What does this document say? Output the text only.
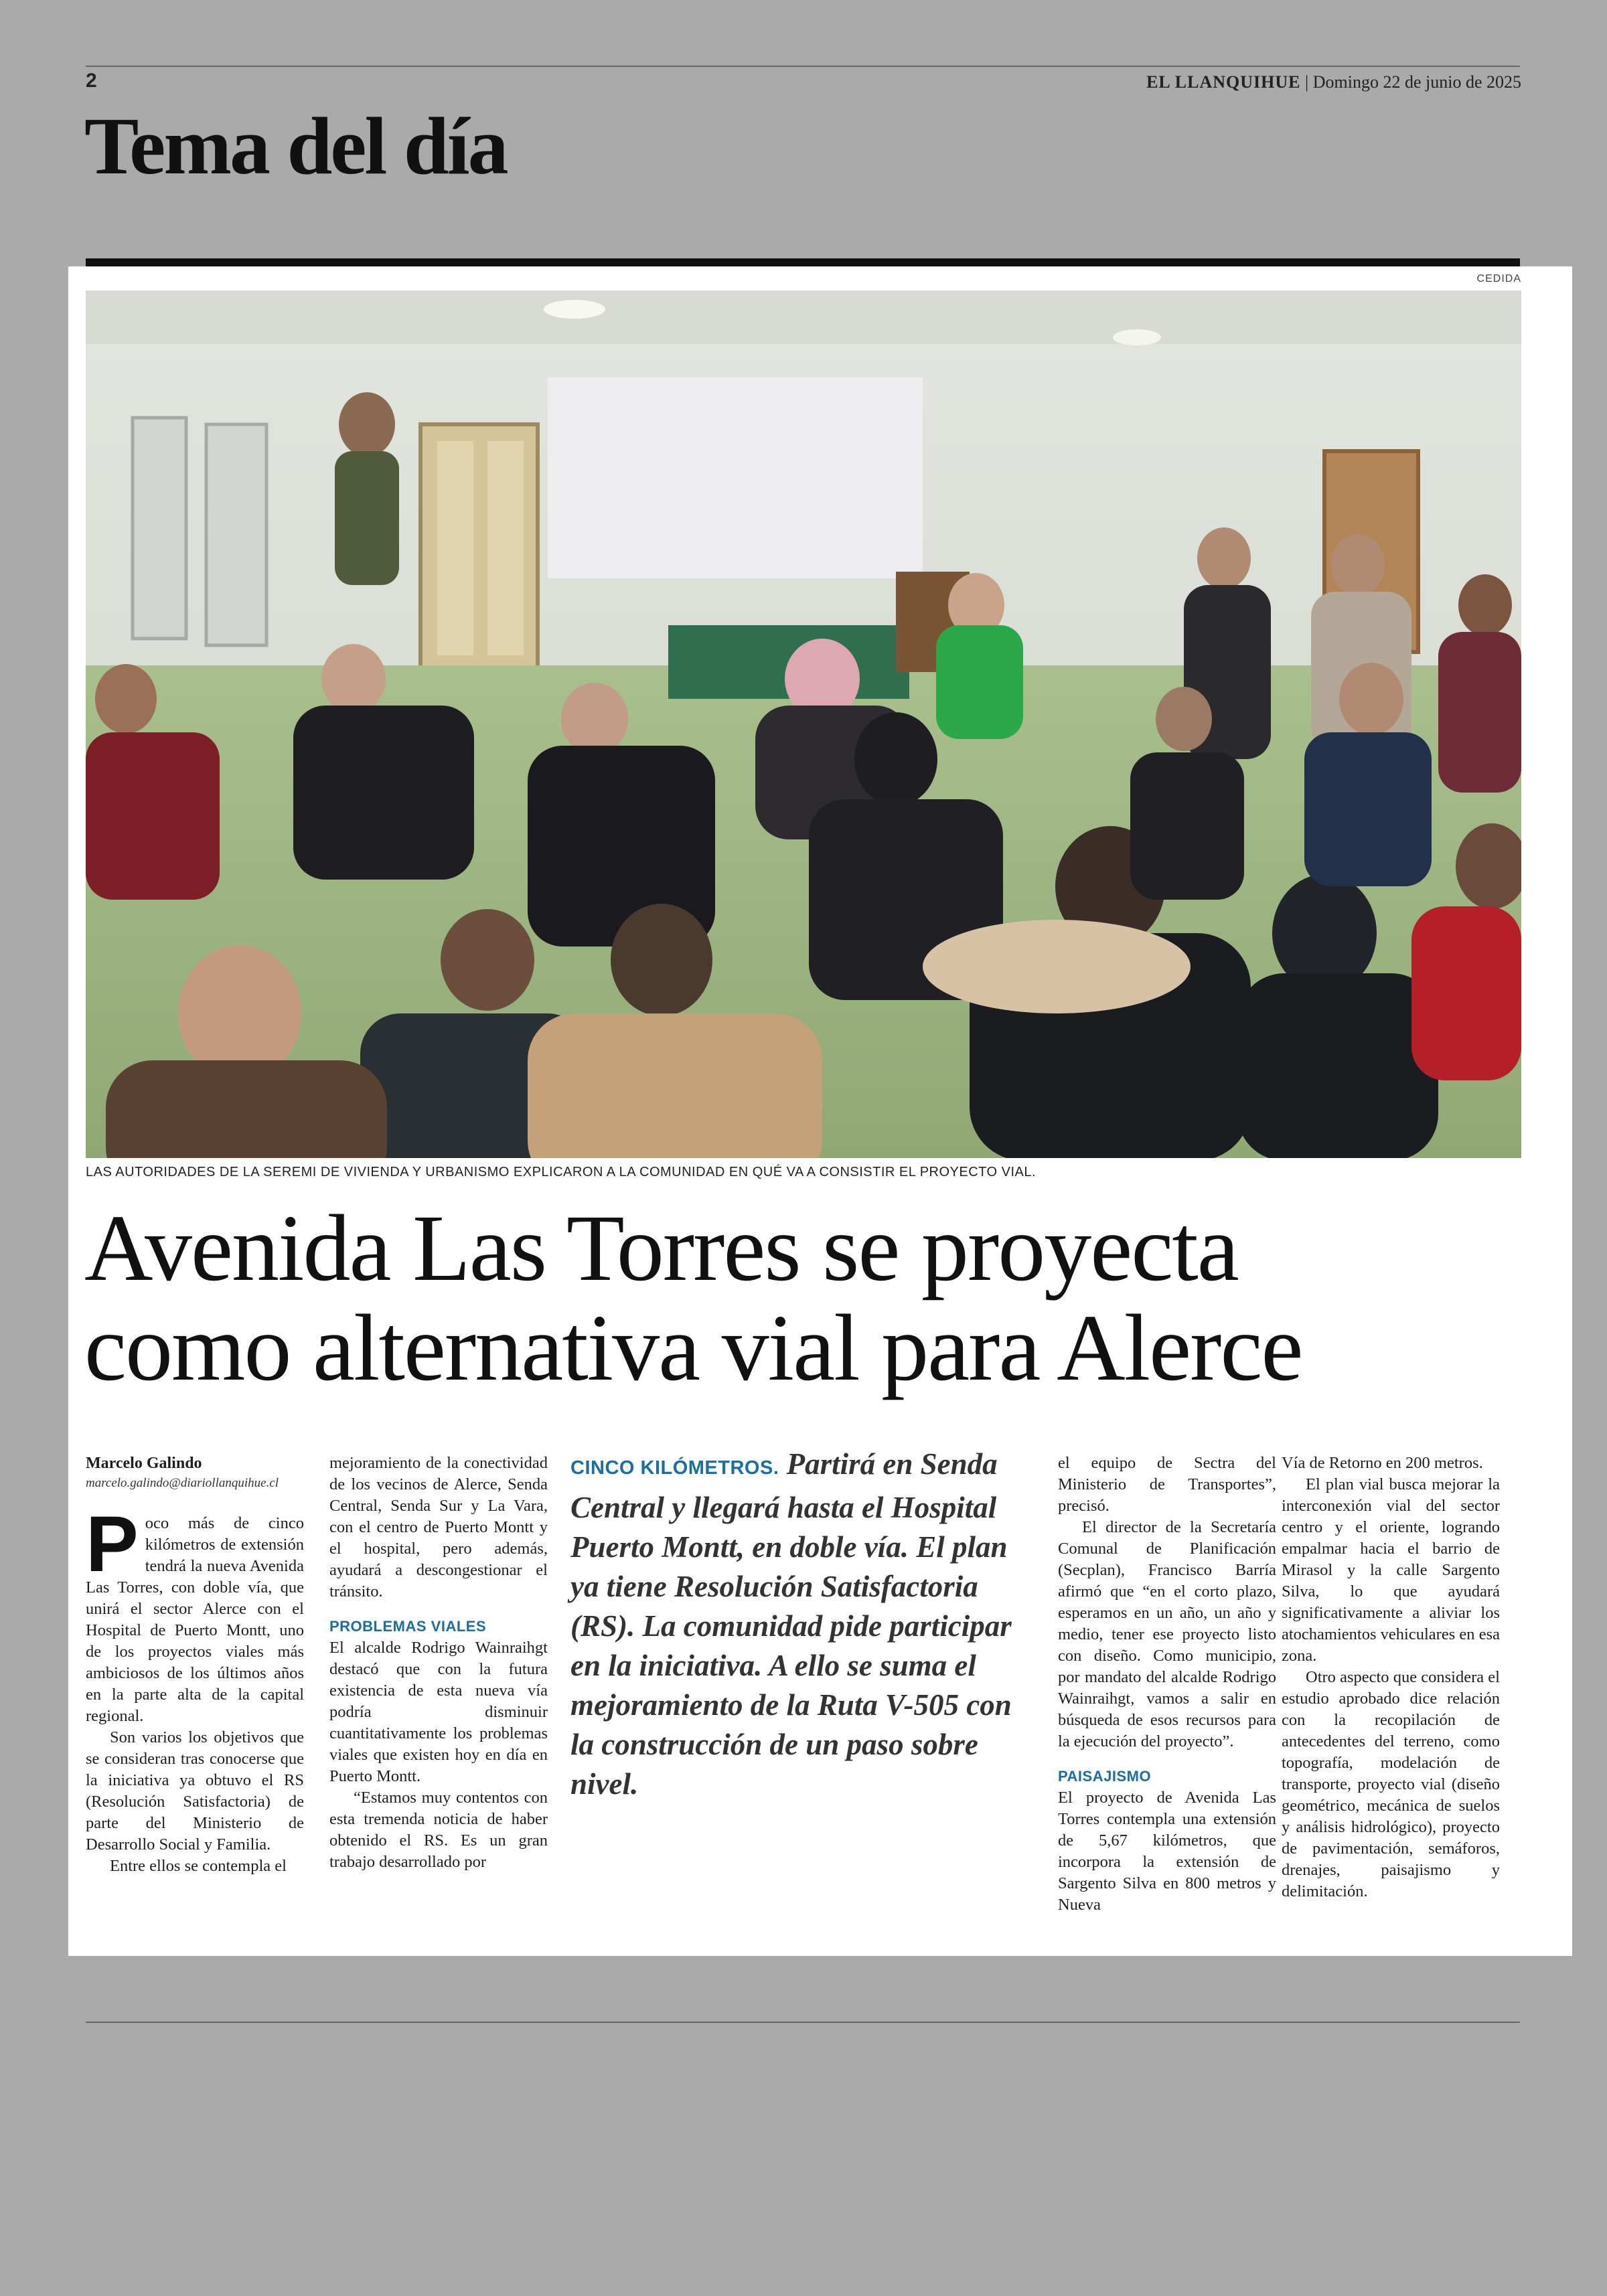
2	EL LLANQUIHUE | Domingo 22 de junio de 2025
Tema del día
CEDIDA
LAS AUTORIDADES DE LA SEREMI DE VIVIENDA Y URBANISMO EXPLICARON A LA COMUNIDAD EN QUÉ VA A CONSISTIR EL PROYECTO VIAL.
Avenida Las Torres se proyecta
como alternativa vial para Alerce
Marcelo Galindo
marcelo.galindo@diariollanquihue.cl
P oco más de cinco kilómetros de extensión tendrá la nueva Avenida Las Torres, con doble vía, que unirá el sector Alerce con el Hospital de Puerto Montt, uno de los proyectos viales más ambiciosos de los últimos años en la parte alta de la capital regional.

Son varios los objetivos que se consideran tras conocerse que la iniciativa ya obtuvo el RS (Resolución Satisfactoria) de parte del Ministerio de Desarrollo Social y Familia.

Entre ellos se contempla el

mejoramiento de la conectividad de los vecinos de Alerce, Senda Central, Senda Sur y La Vara, con el centro de Puerto Montt y el hospital, pero además, ayudará a descongestionar el tránsito.

PROBLEMAS VIALES

El alcalde Rodrigo Wainraihgt destacó que con la futura existencia de esta nueva vía podría disminuir cuantitativamente los problemas viales que existen hoy en día en Puerto Montt.

“Estamos muy contentos con esta tremenda noticia de haber obtenido el RS. Es un gran trabajo desarrollado por

CINCO KILÓMETROS. Partirá en Senda Central y llegará hasta el Hospital Puerto Montt, en doble vía. El plan ya tiene Resolución Satisfactoria (RS). La comunidad pide participar en la iniciativa. A ello se suma el mejoramiento de la Ruta V-505 con la construcción de un paso sobre nivel.

el equipo de Sectra del Ministerio de Transportes”, precisó.

El director de la Secretaría Comunal de Planificación (Secplan), Francisco Barría afirmó que “en el corto plazo, esperamos en un año, un año y medio, tener ese proyecto listo con diseño. Como municipio, por mandato del alcalde Rodrigo Wainraihgt, vamos a salir en búsqueda de esos recursos para la ejecución del proyecto”.

PAISAJISMO

El proyecto de Avenida Las Torres contempla una extensión de 5,67 kilómetros, que incorpora la extensión de Sargento Silva en 800 metros y Nueva

Vía de Retorno en 200 metros.

El plan vial busca mejorar la interconexión vial del sector centro y el oriente, logrando empalmar hacia el barrio de Mirasol y la calle Sargento Silva, lo que ayudará significativamente a aliviar los atochamientos vehiculares en esa zona.

Otro aspecto que considera el estudio aprobado dice relación con la recopilación de antecedentes del terreno, como topografía, modelación de transporte, proyecto vial (diseño geométrico, mecánica de suelos y análisis hidrológico), proyecto de pavimentación, semáforos, drenajes, paisajismo y delimitación.
